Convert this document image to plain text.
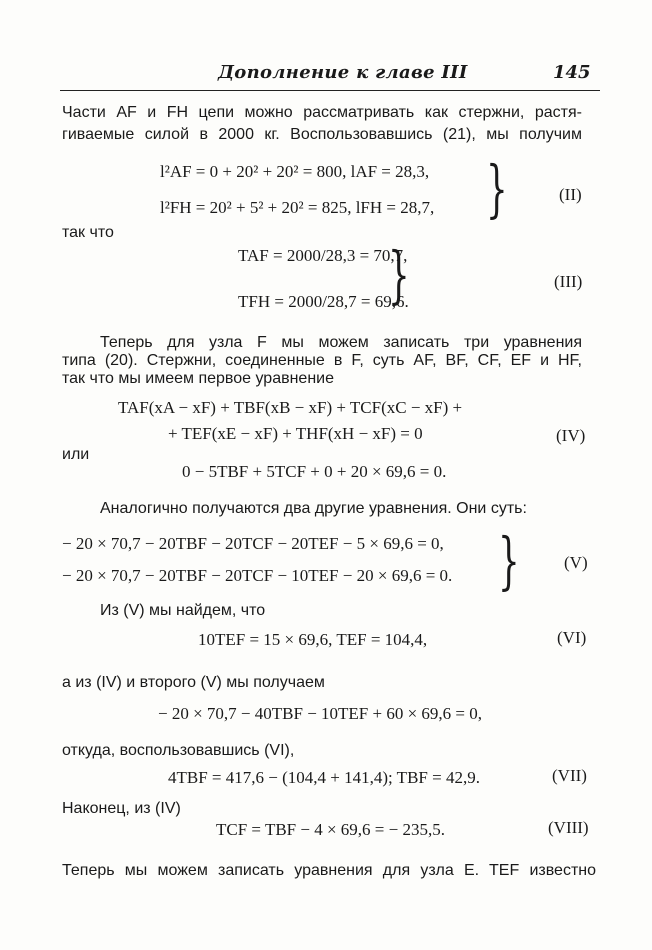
Дополнение к главе III	145
Части AF и FH цепи можно рассматривать как стержни, растя-
гиваемые силой в 2000 кг. Воспользовавшись (21), мы получим
l²AF = 0 + 20² + 20² = 800, lAF = 28,3,
l²FH = 20² + 5² + 20² = 825, lFH = 28,7, }	(II)
так что
TAF = 2000/28,3 = 70,7,
TFH = 2000/28,7 = 69,6.
}	(III)
Теперь для узла F мы можем записать три уравнения
типа (20). Стержни, соединенные в F, суть AF, BF, CF, EF и HF,
так что мы имеем первое уравнение
TAF(xA − xF) + TBF(xB − xF) + TCF(xC − xF) +
+ TEF(xE − xF) + THF(xH − xF) = 0	(IV)
или
0 − 5TBF + 5TCF + 0 + 20 × 69,6 = 0.
Аналогично получаются два другие уравнения. Они суть:
− 20 × 70,7 − 20TBF − 20TCF − 20TEF − 5 × 69,6 = 0,
− 20 × 70,7 − 20TBF − 20TCF − 10TEF − 20 × 69,6 = 0. }	(V)
Из (V) мы найдем, что
10TEF = 15 × 69,6, TEF = 104,4,	(VI)
а из (IV) и второго (V) мы получаем
− 20 × 70,7 − 40TBF − 10TEF + 60 × 69,6 = 0,
откуда, воспользовавшись (VI),
4TBF = 417,6 − (104,4 + 141,4); TBF = 42,9.	(VII)
Наконец, из (IV)
TCF = TBF − 4 × 69,6 = − 235,5.	(VIII)
Теперь мы можем записать уравнения для узла E. TEF известно
